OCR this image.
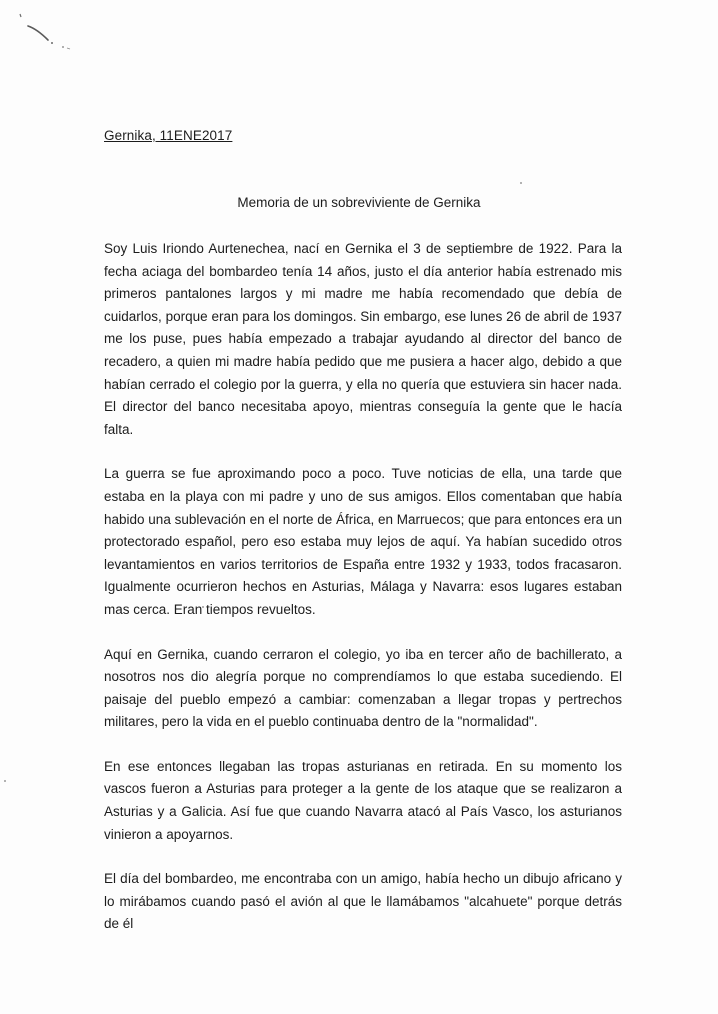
Gernika, 11ENE2017
Memoria de un sobreviviente de Gernika

Soy Luis Iriondo Aurtenechea, nací en Gernika el 3 de septiembre de 1922. Para la fecha aciaga del bombardeo tenía 14 años, justo el día anterior había estrenado mis primeros pantalones largos y mi madre me había recomendado que debía de cuidarlos, porque eran para los domingos. Sin embargo, ese lunes 26 de abril de 1937 me los puse, pues había empezado a trabajar ayudando al director del banco de recadero, a quien mi madre había pedido que me pusiera a hacer algo, debido a que habían cerrado el colegio por la guerra, y ella no quería que estuviera sin hacer nada. El director del banco necesitaba apoyo, mientras conseguía la gente que le hacía falta.

La guerra se fue aproximando poco a poco. Tuve noticias de ella, una tarde que estaba en la playa con mi padre y uno de sus amigos. Ellos comentaban que había habido una sublevación en el norte de África, en Marruecos; que para entonces era un protectorado español, pero eso estaba muy lejos de aquí. Ya habían sucedido otros levantamientos en varios territorios de España entre 1932 y 1933, todos fracasaron. Igualmente ocurrieron hechos en Asturias, Málaga y Navarra: esos lugares estaban mas cerca. Eran tiempos revueltos.

Aquí en Gernika, cuando cerraron el colegio, yo iba en tercer año de bachillerato, a nosotros nos dio alegría porque no comprendíamos lo que estaba sucediendo. El paisaje del pueblo empezó a cambiar: comenzaban a llegar tropas y pertrechos militares, pero la vida en el pueblo continuaba dentro de la "normalidad".

En ese entonces llegaban las tropas asturianas en retirada. En su momento los vascos fueron a Asturias para proteger a la gente de los ataque que se realizaron a Asturias y a Galicia. Así fue que cuando Navarra atacó al País Vasco, los asturianos vinieron a apoyarnos.

El día del bombardeo, me encontraba con un amigo, había hecho un dibujo africano y lo mirábamos cuando pasó el avión al que le llamábamos "alcahuete" porque detrás de él
